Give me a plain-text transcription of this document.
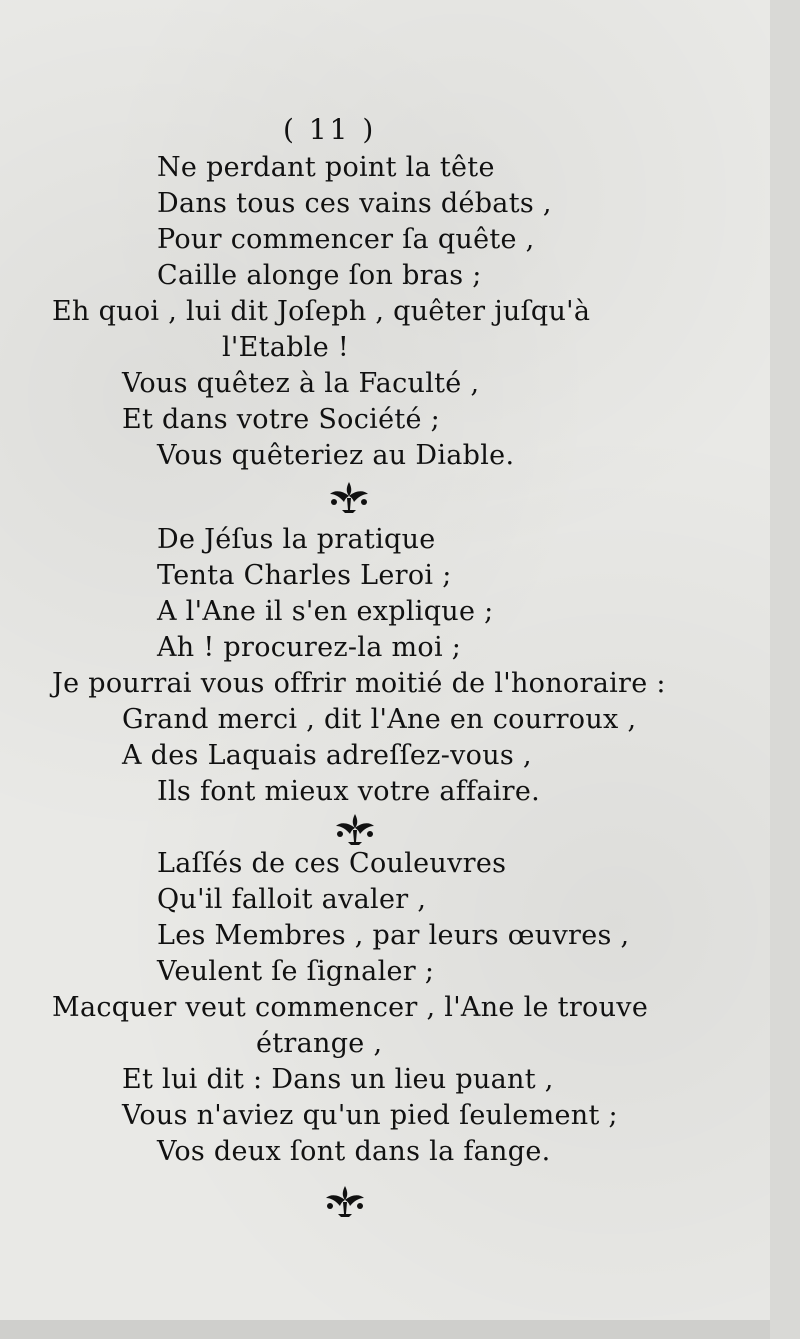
( 11 )
Ne perdant point la tête
Dans tous ces vains débats ,
Pour commencer ſa quête ,
Caille alonge ſon bras ;
Eh quoi , lui dit Joſeph , quêter juſqu'à
l'Etable !
Vous quêtez à la Faculté ,
Et dans votre Société ;
Vous quêteriez au Diable.
De Jéſus la pratique
Tenta Charles Leroi ;
A l'Ane il s'en explique ;
Ah ! procurez-la moi ;
Je pourrai vous offrir moitié de l'honoraire :
Grand merci , dit l'Ane en courroux ,
A des Laquais adreſſez-vous ,
Ils font mieux votre affaire.
Laſſés de ces Couleuvres
Qu'il falloit avaler ,
Les Membres , par leurs œuvres ,
Veulent ſe ſignaler ;
Macquer veut commencer , l'Ane le trouve
étrange ,
Et lui dit : Dans un lieu puant ,
Vous n'aviez qu'un pied ſeulement ;
Vos deux ſont dans la fange.
